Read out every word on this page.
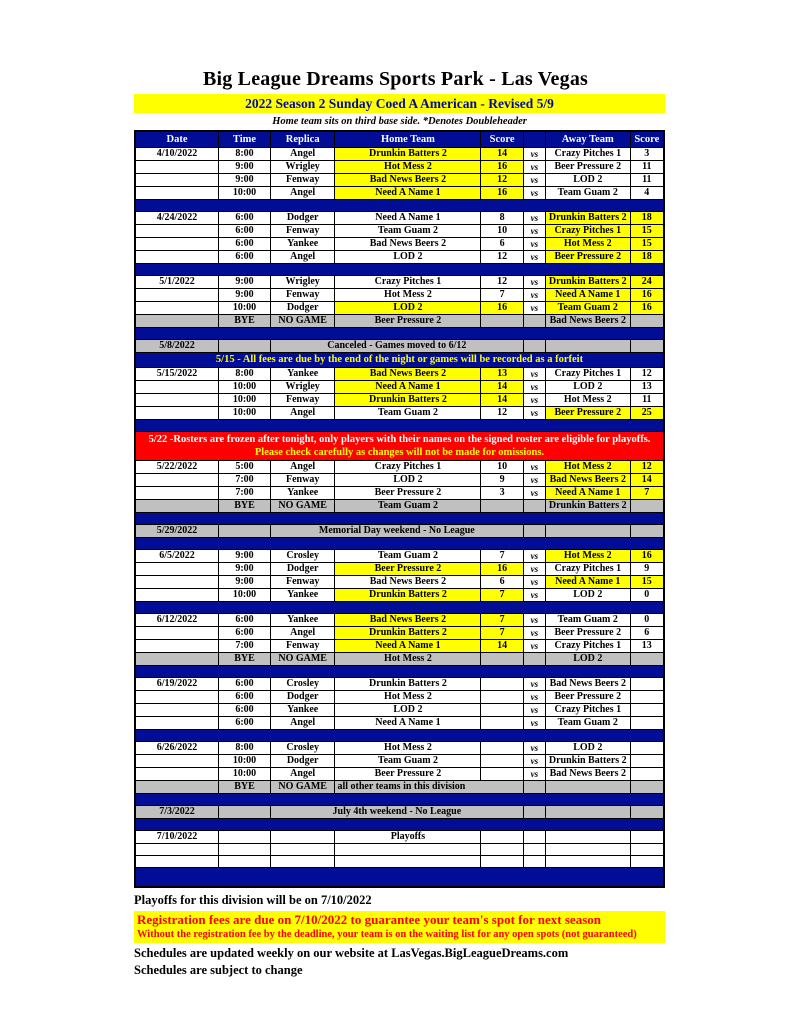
Big League Dreams Sports Park - Las Vegas
2022 Season 2 Sunday Coed A American - Revised 5/9
Home team sits on third base side. *Denotes Doubleheader
Date	Time	Replica	Home Team	Score		Away Team	Score
4/10/2022	8:00	Angel	Drunkin Batters 2	14	vs	Crazy Pitches 1	3
	9:00	Wrigley	Hot Mess 2	16	vs	Beer Pressure 2	11
	9:00	Fenway	Bad News Beers 2	12	vs	LOD 2	11
	10:00	Angel	Need A Name 1	16	vs	Team Guam 2	4

4/24/2022	6:00	Dodger	Need A Name 1	8	vs	Drunkin Batters 2	18
	6:00	Fenway	Team Guam 2	10	vs	Crazy Pitches 1	15
	6:00	Yankee	Bad News Beers 2	6	vs	Hot Mess 2	15
	6:00	Angel	LOD 2	12	vs	Beer Pressure 2	18

5/1/2022	9:00	Wrigley	Crazy Pitches 1	12	vs	Drunkin Batters 2	24
	9:00	Fenway	Hot Mess 2	7	vs	Need A Name 1	16
	10:00	Dodger	LOD 2	16	vs	Team Guam 2	16
	BYE	NO GAME	Beer Pressure 2			Bad News Beers 2	

5/8/2022		Canceled - Games moved to 6/12					
5/15 - All fees are due by the end of the night or games will be recorded as a forfeit							
5/15/2022	8:00	Yankee	Bad News Beers 2	13	vs	Crazy Pitches 1	12
	10:00	Wrigley	Need A Name 1	14	vs	LOD 2	13
	10:00	Fenway	Drunkin Batters 2	14	vs	Hot Mess 2	11
	10:00	Angel	Team Guam 2	12	vs	Beer Pressure 2	25

5/22 -Rosters are frozen after tonight, only players with their names on the signed roster are eligible for playoffs.
Please check carefully as changes will not be made for omissions.							

5/22/2022	5:00	Angel	Crazy Pitches 1	10	vs	Hot Mess 2	12
	7:00	Fenway	LOD 2	9	vs	Bad News Beers 2	14
	7:00	Yankee	Beer Pressure 2	3	vs	Need A Name 1	7
	BYE	NO GAME	Team Guam 2			Drunkin Batters 2	

5/29/2022		Memorial Day weekend - No League					

6/5/2022	9:00	Crosley	Team Guam 2	7	vs	Hot Mess 2	16
	9:00	Dodger	Beer Pressure 2	16	vs	Crazy Pitches 1	9
	9:00	Fenway	Bad News Beers 2	6	vs	Need A Name 1	15
	10:00	Yankee	Drunkin Batters 2	7	vs	LOD 2	0

6/12/2022	6:00	Yankee	Bad News Beers 2	7	vs	Team Guam 2	0
	6:00	Angel	Drunkin Batters 2	7	vs	Beer Pressure 2	6
	7:00	Fenway	Need A Name 1	14	vs	Crazy Pitches 1	13
	BYE	NO GAME	Hot Mess 2			LOD 2	

6/19/2022	6:00	Crosley	Drunkin Batters 2		vs	Bad News Beers 2	
	6:00	Dodger	Hot Mess 2		vs	Beer Pressure 2	
	6:00	Yankee	LOD 2		vs	Crazy Pitches 1	
	6:00	Angel	Need A Name 1		vs	Team Guam 2	

6/26/2022	8:00	Crosley	Hot Mess 2		vs	LOD 2	
	10:00	Dodger	Team Guam 2		vs	Drunkin Batters 2	
	10:00	Angel	Beer Pressure 2		vs	Bad News Beers 2	
	BYE	NO GAME	all other teams in this division				

7/3/2022		July 4th weekend - No League					

7/10/2022			Playoffs				

Playoffs for this division will be on 7/10/2022
Registration fees are due on 7/10/2022 to guarantee your team's spot for next season
Without the registration fee by the deadline, your team is on the waiting list for any open spots (not guaranteed)
Schedules are updated weekly on our website at LasVegas.BigLeagueDreams.com
Schedules are subject to change
